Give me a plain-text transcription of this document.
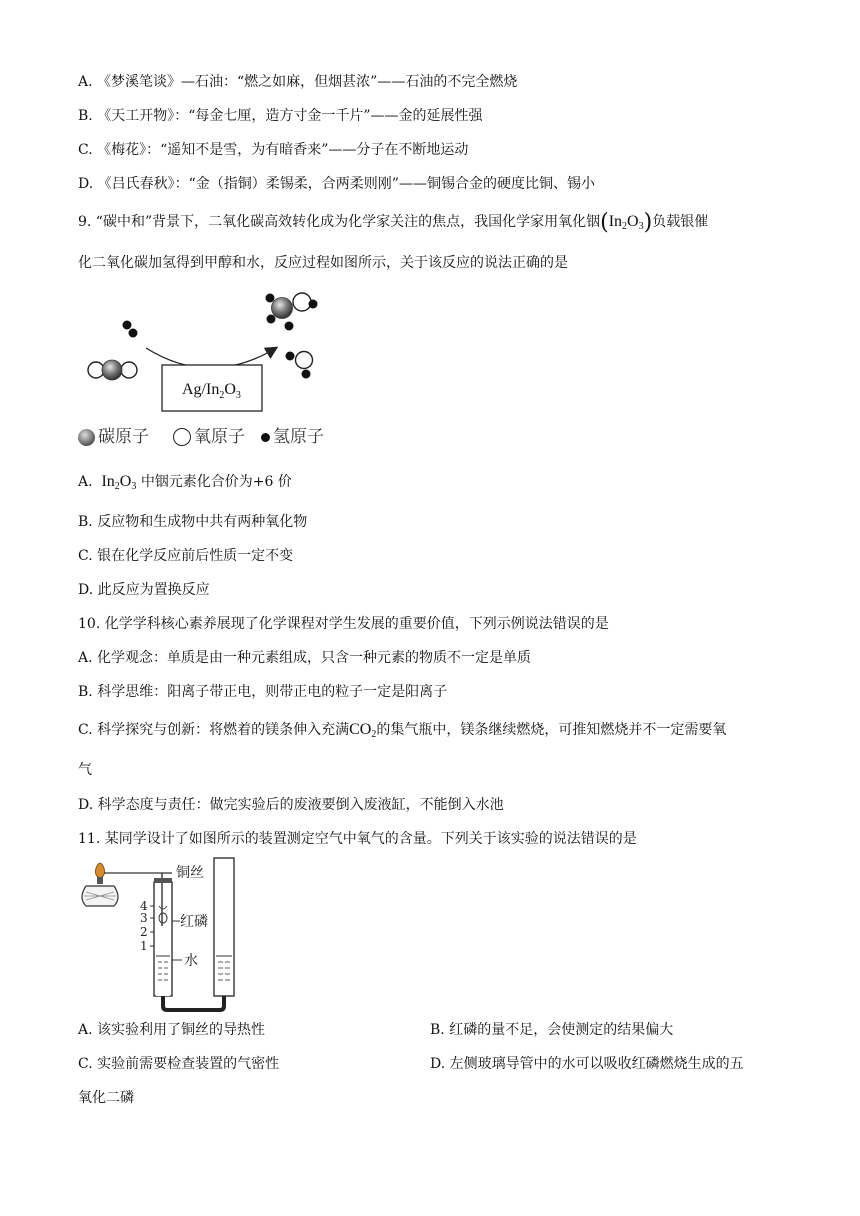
A. 《梦溪笔谈》—石油：“燃之如麻，但烟甚浓”——石油的不完全燃烧
B. 《天工开物》：“每金七厘，造方寸金一千片”——金的延展性强
C. 《梅花》：“遥知不是雪，为有暗香来”——分子在不断地运动
D. 《吕氏春秋》：“金（指铜）柔锡柔，合两柔则刚”——铜锡合金的硬度比铜、锡小
9. “碳中和”背景下，二氧化碳高效转化成为化学家关注的焦点，我国化学家用氧化铟$(In_2O_3)$负载银催
化二氧化碳加氢得到甲醇和水，反应过程如图所示，关于该反应的说法正确的是
$Ag/In_2O_3$
碳原子	氧原子 氢原子
A. $In_2O_3$ 中铟元素化合价为+6 价
B. 反应物和生成物中共有两种氧化物
C. 银在化学反应前后性质一定不变
D. 此反应为置换反应
10. 化学学科核心素养展现了化学课程对学生发展的重要价值，下列示例说法错误的是
A. 化学观念：单质是由一种元素组成，只含一种元素的物质不一定是单质
B. 科学思维：阳离子带正电，则带正电的粒子一定是阳离子
C. 科学探究与创新：将燃着的镁条伸入充满$CO_2$的集气瓶中，镁条继续燃烧，可推知燃烧并不一定需要氧
气
D. 科学态度与责任：做完实验后的废液要倒入废液缸，不能倒入水池
11. 某同学设计了如图所示的装置测定空气中氧气的含量。下列关于该实验的说法错误的是
4
3
2
1
铜丝
红磷
水
A. 该实验利用了铜丝的导热性	B. 红磷的量不足，会使测定的结果偏大
C. 实验前需要检查装置的气密性	D. 左侧玻璃导管中的水可以吸收红磷燃烧生成的五
氧化二磷
